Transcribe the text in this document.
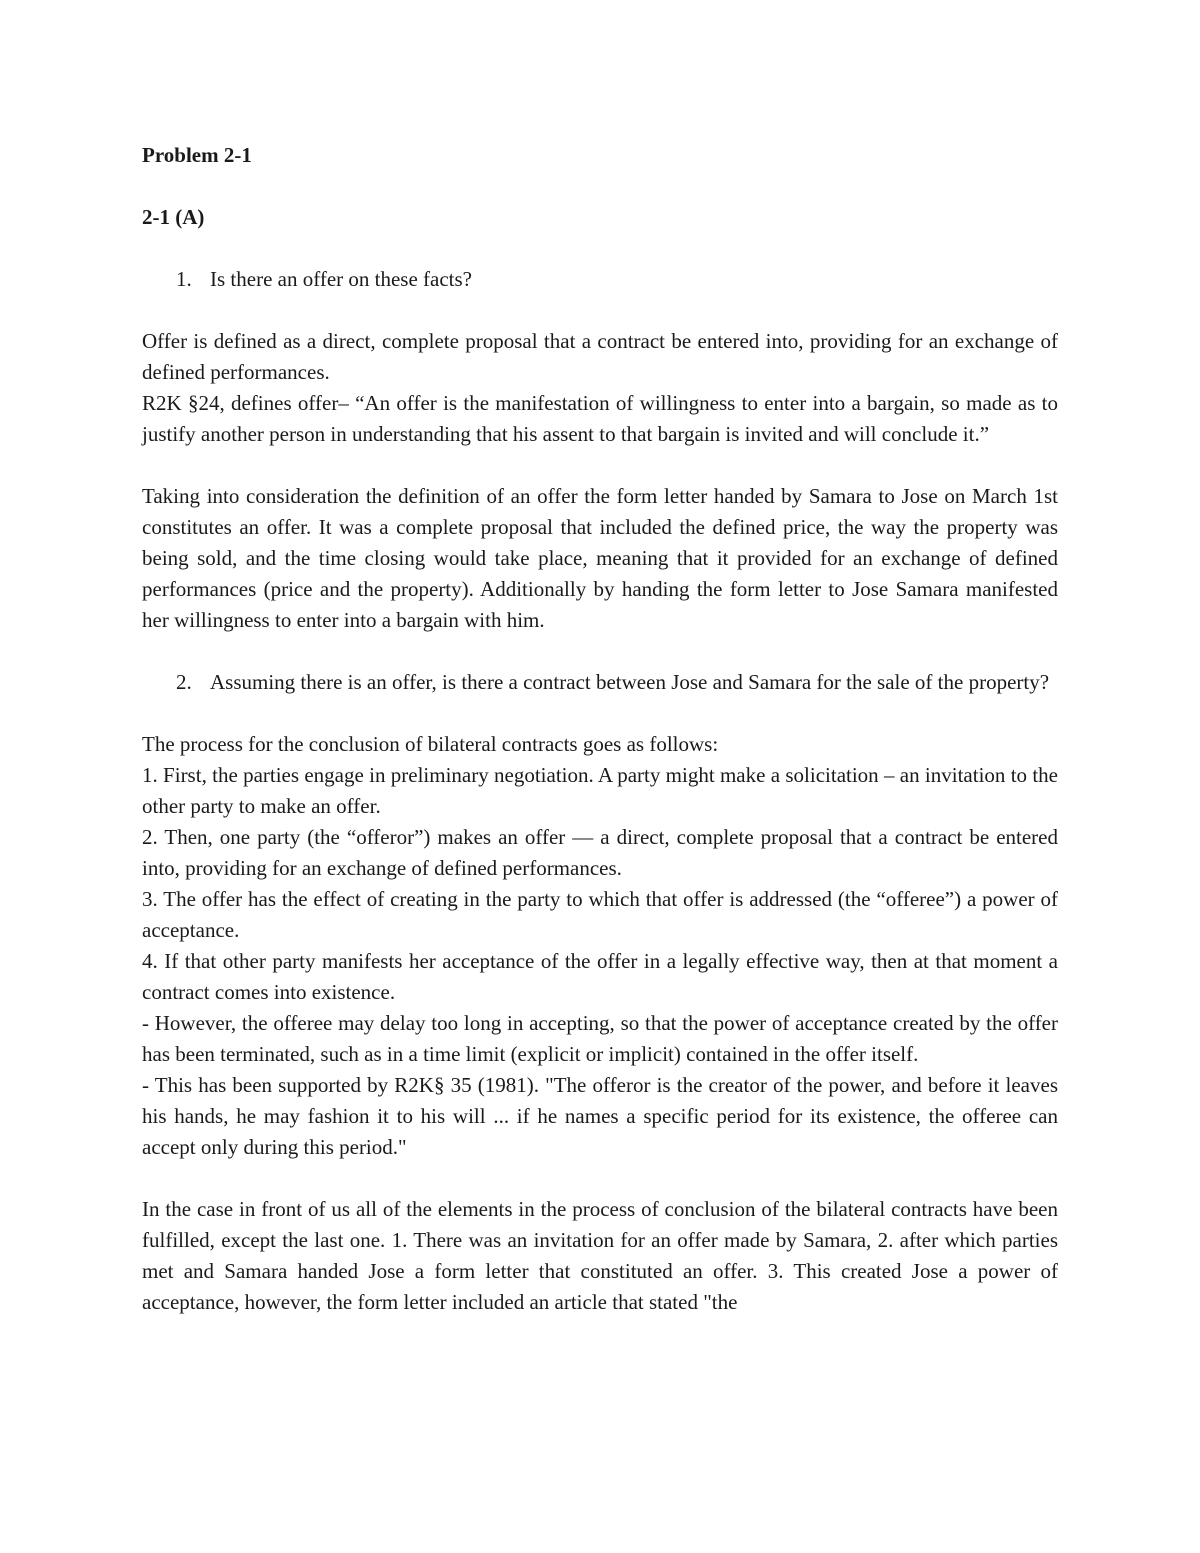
Problem 2-1

2-1 (A)

1. Is there an offer on these facts?

Offer is defined as a direct, complete proposal that a contract be entered into, providing for an exchange of defined performances.

R2K §24, defines offer– “An offer is the manifestation of willingness to enter into a bargain, so made as to justify another person in understanding that his assent to that bargain is invited and will conclude it.”

Taking into consideration the definition of an offer the form letter handed by Samara to Jose on March 1st constitutes an offer. It was a complete proposal that included the defined price, the way the property was being sold, and the time closing would take place, meaning that it provided for an exchange of defined performances (price and the property). Additionally by handing the form letter to Jose Samara manifested her willingness to enter into a bargain with him.

2. Assuming there is an offer, is there a contract between Jose and Samara for the sale of the property?

The process for the conclusion of bilateral contracts goes as follows:

1. First, the parties engage in preliminary negotiation. A party might make a solicitation – an invitation to the other party to make an offer.

2. Then, one party (the “offeror”) makes an offer — a direct, complete proposal that a contract be entered into, providing for an exchange of defined performances.

3. The offer has the effect of creating in the party to which that offer is addressed (the “offeree”) a power of acceptance.

4. If that other party manifests her acceptance of the offer in a legally effective way, then at that moment a contract comes into existence.

- However, the offeree may delay too long in accepting, so that the power of acceptance created by the offer has been terminated, such as in a time limit (explicit or implicit) contained in the offer itself.

- This has been supported by R2K§ 35 (1981). "The offeror is the creator of the power, and before it leaves his hands, he may fashion it to his will ... if he names a specific period for its existence, the offeree can accept only during this period."

In the case in front of us all of the elements in the process of conclusion of the bilateral contracts have been fulfilled, except the last one. 1. There was an invitation for an offer made by Samara, 2. after which parties met and Samara handed Jose a form letter that constituted an offer. 3. This created Jose a power of acceptance, however, the form letter included an article that stated "the
